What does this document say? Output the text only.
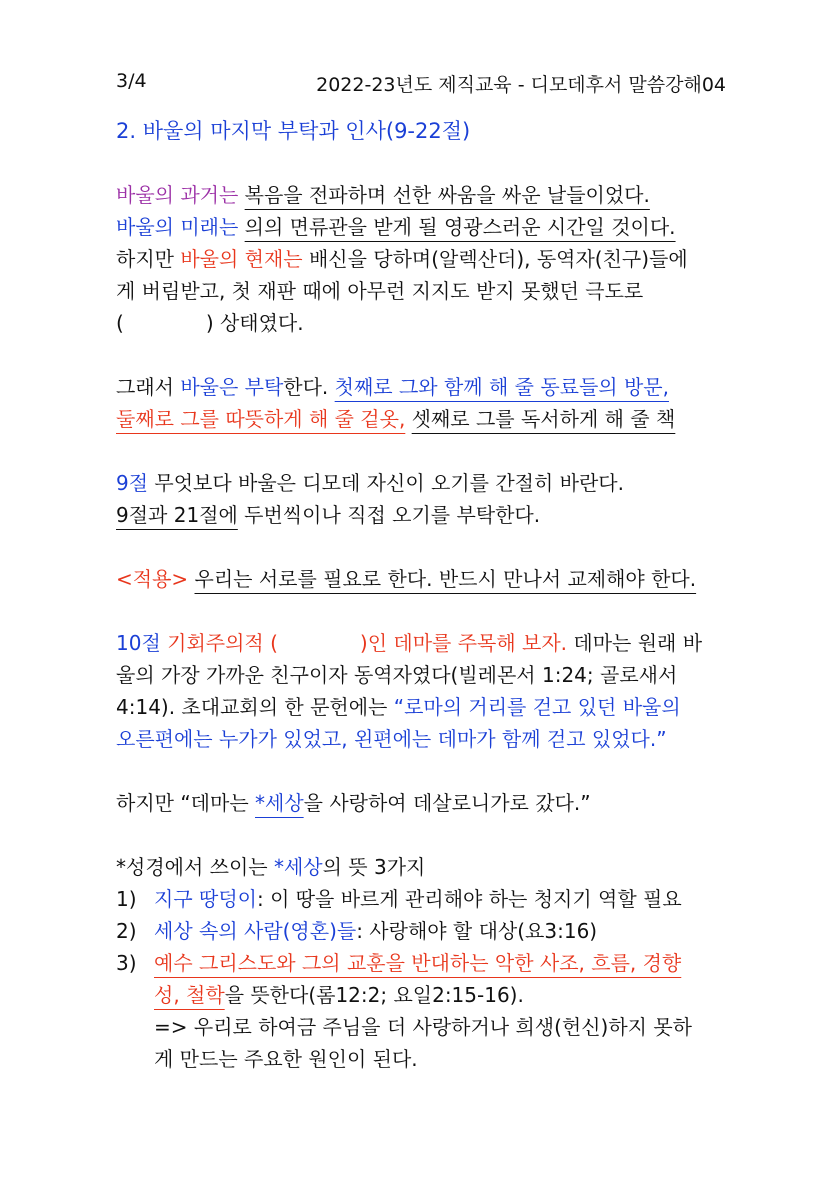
3/4	2022-23년도 제직교육 - 디모데후서 말씀강해04
2. 바울의 마지막 부탁과 인사(9-22절)
바울의 과거는 복음을 전파하며 선한 싸움을 싸운 날들이었다.
바울의 미래는 의의 면류관을 받게 될 영광스러운 시간일 것이다.
하지만 바울의 현재는 배신을 당하며(알렉산더), 동역자(친구)들에
게 버림받고, 첫 재판 때에 아무런 지지도 받지 못했던 극도로
(	) 상태였다.
그래서 바울은 부탁한다. 첫째로 그와 함께 해 줄 동료들의 방문,
둘째로 그를 따뜻하게 해 줄 겉옷, 셋째로 그를 독서하게 해 줄 책
9절 무엇보다 바울은 디모데 자신이 오기를 간절히 바란다.
9절과 21절에 두번씩이나 직접 오기를 부탁한다.
<적용> 우리는 서로를 필요로 한다. 반드시 만나서 교제해야 한다.
10절 기회주의적 (	)인 데마를 주목해 보자. 데마는 원래 바
울의 가장 가까운 친구이자 동역자였다(빌레몬서 1:24; 골로새서
4:14). 초대교회의 한 문헌에는 “로마의 거리를 걷고 있던 바울의
오른편에는 누가가 있었고, 왼편에는 데마가 함께 걷고 있었다.”
하지만 “데마는 *세상을 사랑하여 데살로니가로 갔다.”
*성경에서 쓰이는 *세상의 뜻 3가지
1) 지구 땅덩이: 이 땅을 바르게 관리해야 하는 청지기 역할 필요
2) 세상 속의 사람(영혼)들: 사랑해야 할 대상(요3:16)
3) 예수 그리스도와 그의 교훈을 반대하는 악한 사조, 흐름, 경향
성, 철학을 뜻한다(롬12:2; 요일2:15-16).
=> 우리로 하여금 주님을 더 사랑하거나 희생(헌신)하지 못하
게 만드는 주요한 원인이 된다.
